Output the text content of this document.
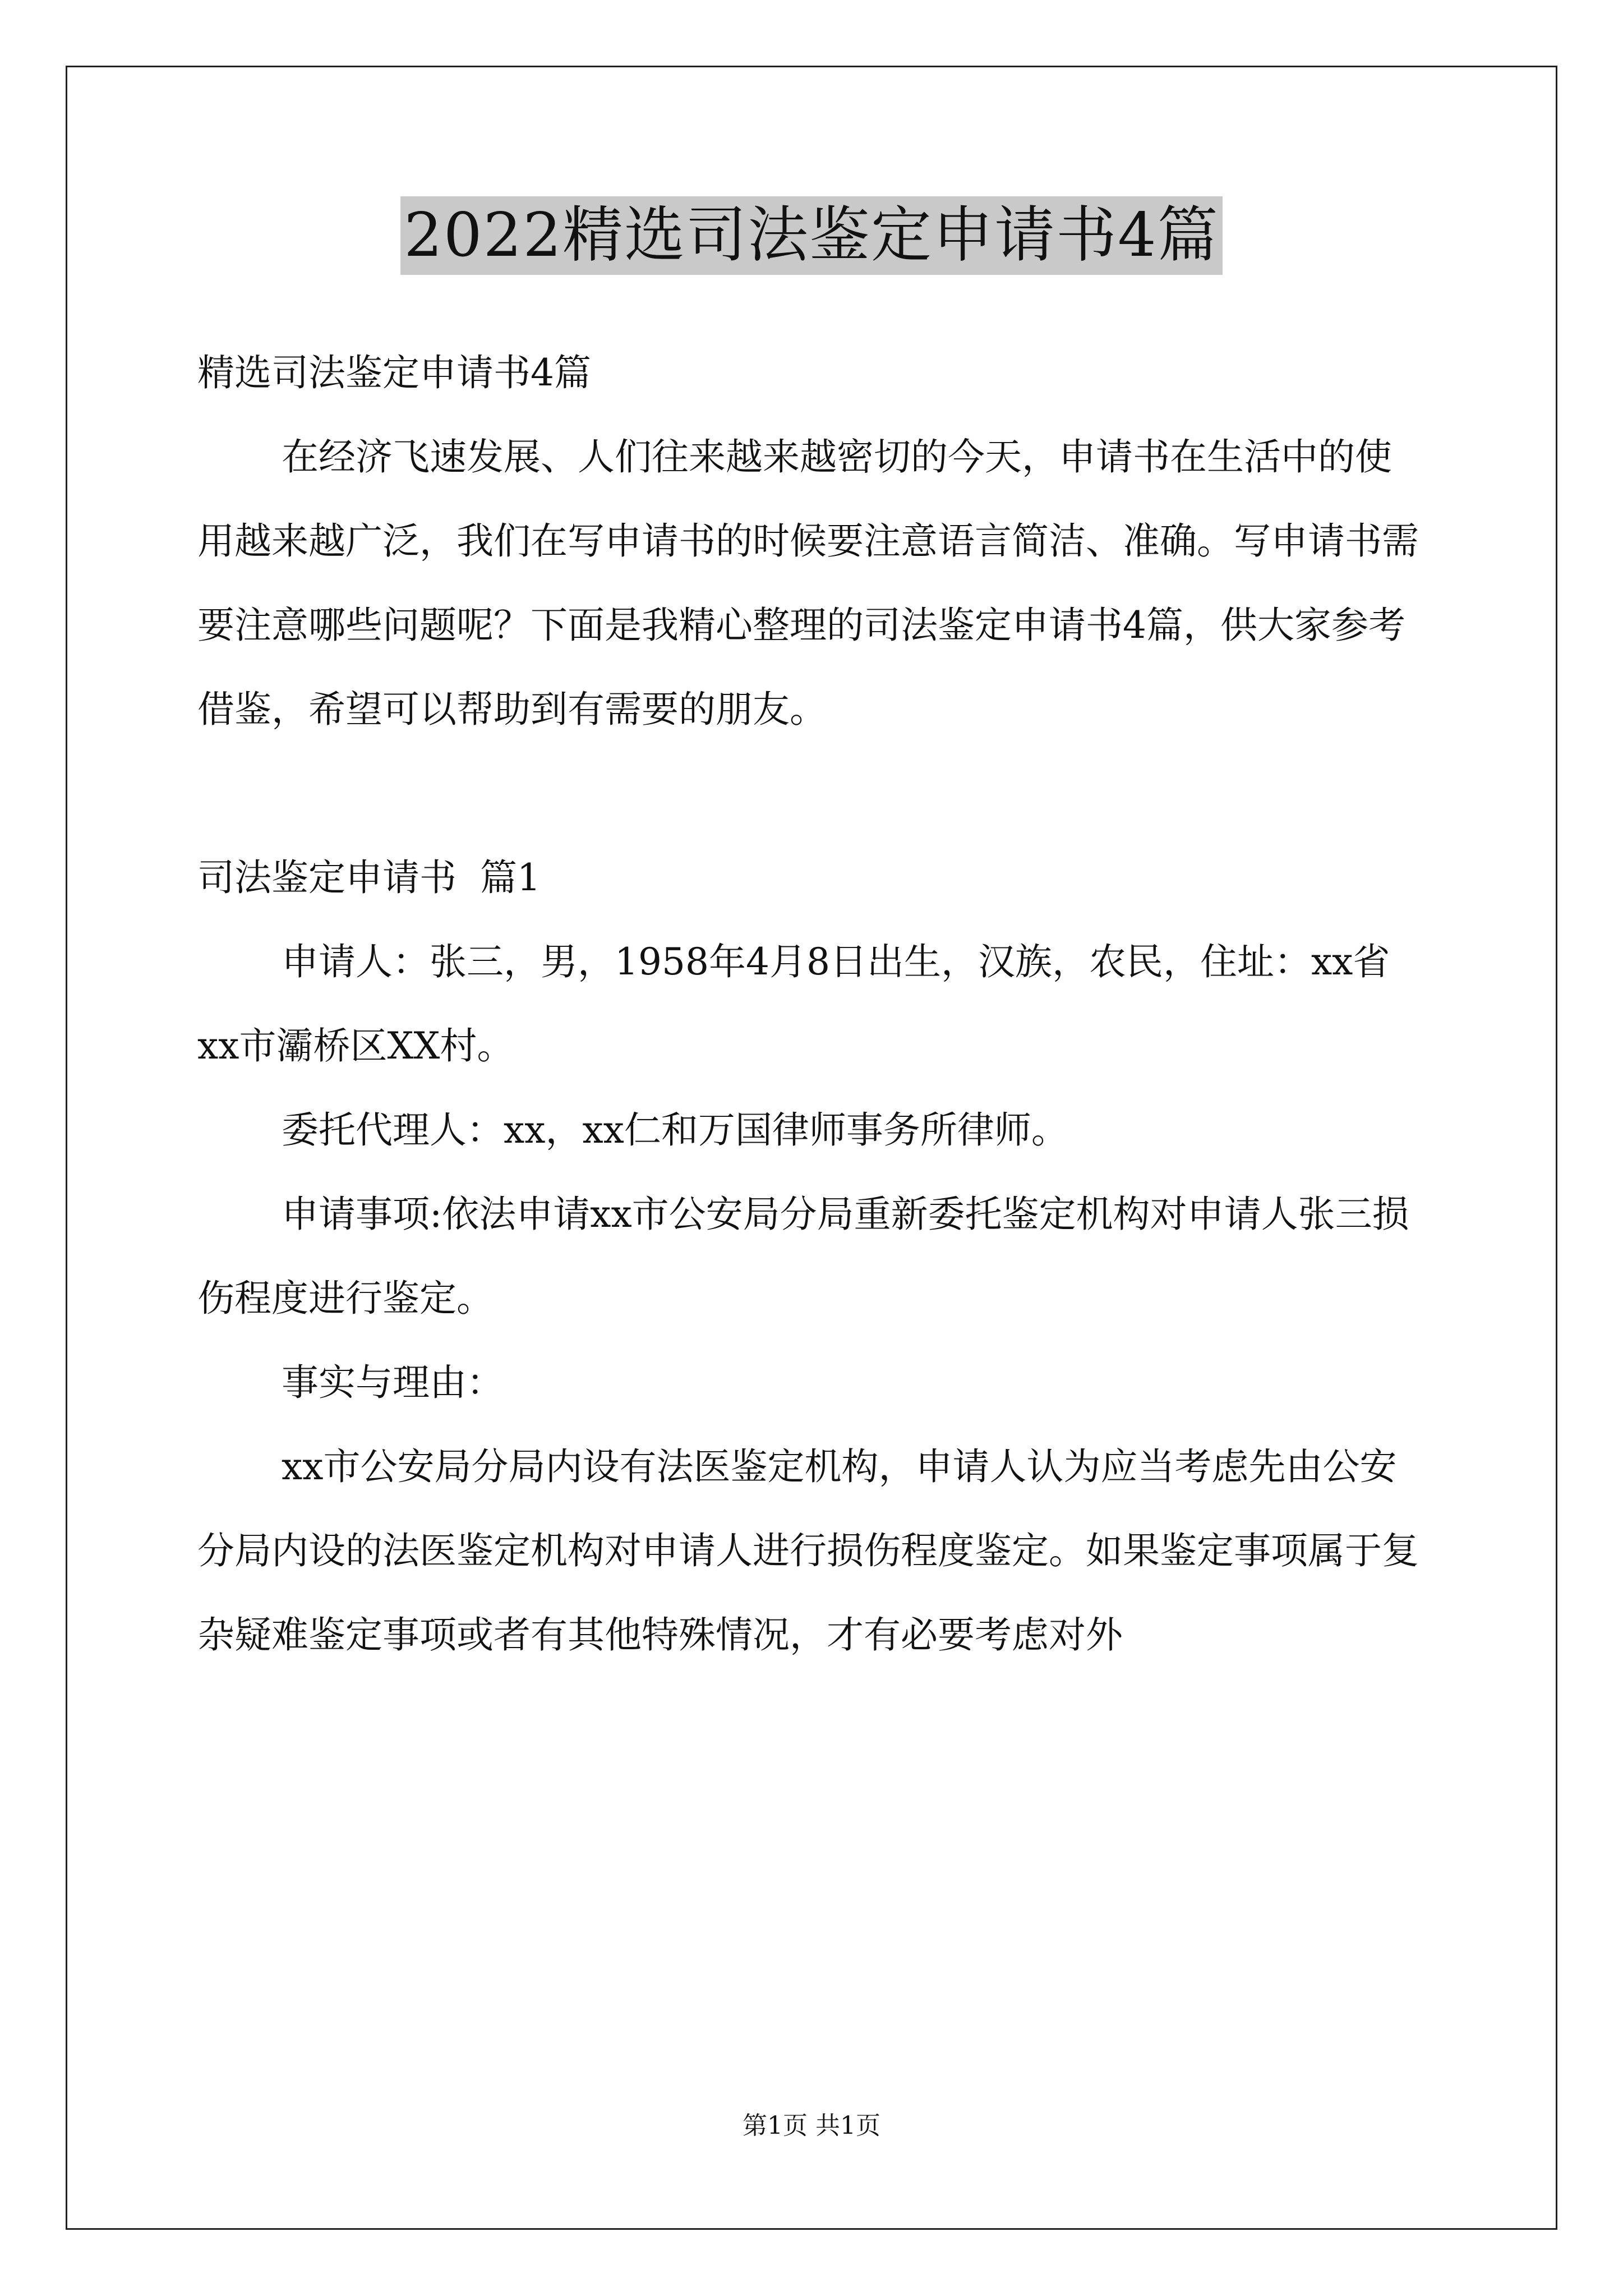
2022精选司法鉴定申请书4篇

精选司法鉴定申请书4篇

在经济飞速发展、人们往来越来越密切的今天，申请书在生活中的使用越来越广泛，我们在写申请书的时候要注意语言简洁、准确。写申请书需要注意哪些问题呢？下面是我精心整理的司法鉴定申请书4篇，供大家参考借鉴，希望可以帮助到有需要的朋友。

司法鉴定申请书  篇1

申请人：张三，男，1958年4月8日出生，汉族，农民，住址：xx省xx市灞桥区XX村。

委托代理人：xx，xx仁和万国律师事务所律师。

申请事项:依法申请xx市公安局分局重新委托鉴定机构对申请人张三损伤程度进行鉴定。

事实与理由：

xx市公安局分局内设有法医鉴定机构，申请人认为应当考虑先由公安分局内设的法医鉴定机构对申请人进行损伤程度鉴定。如果鉴定事项属于复杂疑难鉴定事项或者有其他特殊情况，才有必要考虑对外

第1页 共1页
